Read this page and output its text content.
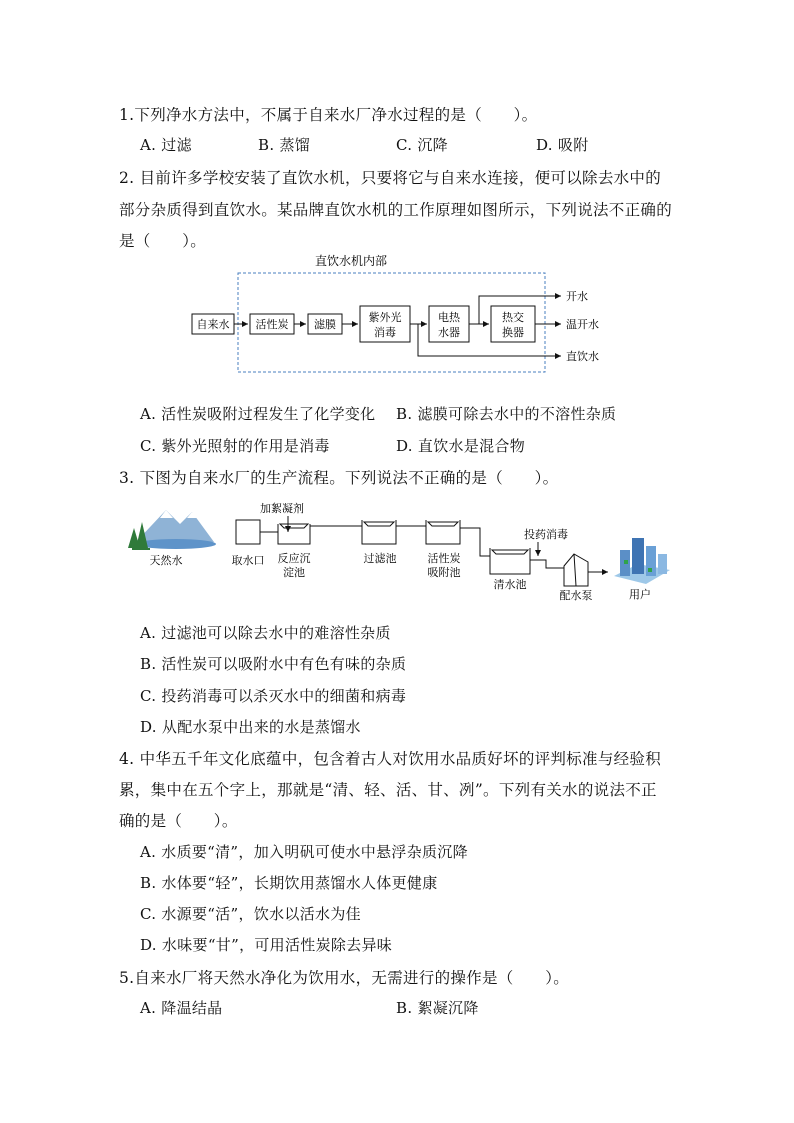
1.下列净水方法中，不属于自来水厂净水过程的是（　　）。
A. 过滤	B. 蒸馏	C. 沉降	D. 吸附
2. 目前许多学校安装了直饮水机，只要将它与自来水连接，便可以除去水中的
部分杂质得到直饮水。某品牌直饮水机的工作原理如图所示，下列说法不正确的
是（　　）。
直饮水机内部
自来水 活性炭 滤膜
紫外光
消毒
电热
水器
热交
换器
开水
温开水
直饮水
A. 活性炭吸附过程发生了化学变化 B. 滤膜可除去水中的不溶性杂质
C. 紫外光照射的作用是消毒	D. 直饮水是混合物
3. 下图为自来水厂的生产流程。下列说法不正确的是（　　）。
天然水
加絮凝剂
取水口 反应沉
淀池
过滤池	活性炭
吸附池
投药消毒
清水池
配水泵	用户
A. 过滤池可以除去水中的难溶性杂质
B. 活性炭可以吸附水中有色有味的杂质
C. 投药消毒可以杀灭水中的细菌和病毒
D. 从配水泵中出来的水是蒸馏水
4. 中华五千年文化底蕴中，包含着古人对饮用水品质好坏的评判标准与经验积
累，集中在五个字上，那就是“清、轻、活、甘、冽”。下列有关水的说法不正
确的是（　　）。
A. 水质要“清”，加入明矾可使水中悬浮杂质沉降
B. 水体要“轻”，长期饮用蒸馏水人体更健康
C. 水源要“活”，饮水以活水为佳
D. 水味要“甘”，可用活性炭除去异味
5.自来水厂将天然水净化为饮用水，无需进行的操作是（　　）。
A. 降温结晶	B. 絮凝沉降
